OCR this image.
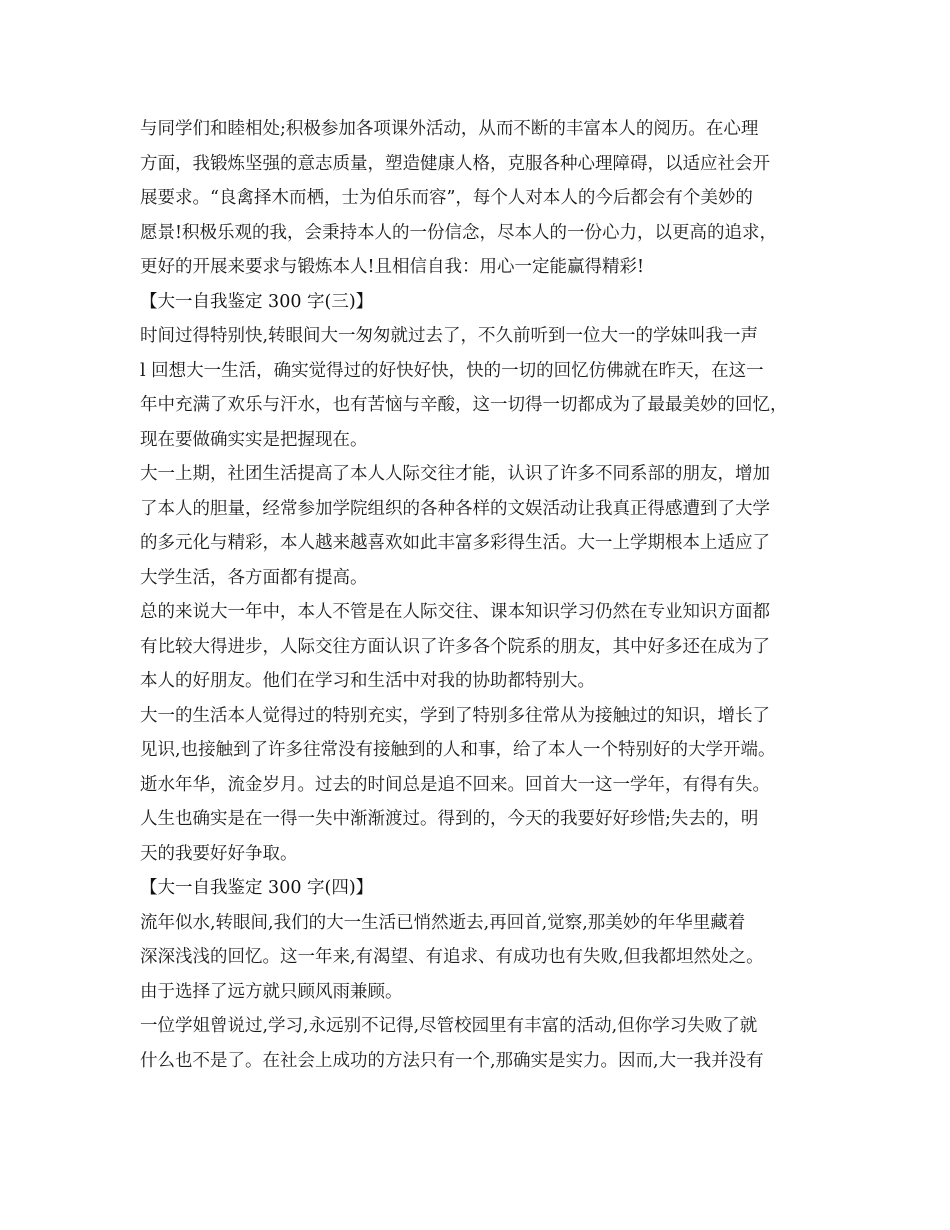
与同学们和睦相处;积极参加各项课外活动，从而不断的丰富本人的阅历。在心理
方面，我锻炼坚强的意志质量，塑造健康人格，克服各种心理障碍，以适应社会开
展要求。“良禽择木而栖，士为伯乐而容”，每个人对本人的今后都会有个美妙的
愿景!积极乐观的我，会秉持本人的一份信念，尽本人的一份心力，以更高的追求，
更好的开展来要求与锻炼本人!且相信自我：用心一定能赢得精彩!
【大一自我鉴定 300 字(三)】
时间过得特别快,转眼间大一匆匆就过去了，不久前听到一位大一的学妹叫我一声
l 回想大一生活，确实觉得过的好快好快，快的一切的回忆仿佛就在昨天，在这一
年中充满了欢乐与汗水，也有苦恼与辛酸，这一切得一切都成为了最最美妙的回忆，
现在要做确实实是把握现在。
大一上期，社团生活提高了本人人际交往才能，认识了许多不同系部的朋友，增加
了本人的胆量，经常参加学院组织的各种各样的文娱活动让我真正得感遭到了大学
的多元化与精彩，本人越来越喜欢如此丰富多彩得生活。大一上学期根本上适应了
大学生活，各方面都有提高。
总的来说大一年中，本人不管是在人际交往、课本知识学习仍然在专业知识方面都
有比较大得进步，人际交往方面认识了许多各个院系的朋友，其中好多还在成为了
本人的好朋友。他们在学习和生活中对我的协助都特别大。
大一的生活本人觉得过的特别充实，学到了特别多往常从为接触过的知识，增长了
见识,也接触到了许多往常没有接触到的人和事，给了本人一个特别好的大学开端。
逝水年华，流金岁月。过去的时间总是追不回来。回首大一这一学年，有得有失。
人生也确实是在一得一失中渐渐渡过。得到的，今天的我要好好珍惜;失去的，明
天的我要好好争取。
【大一自我鉴定 300 字(四)】
流年似水,转眼间,我们的大一生活已悄然逝去,再回首,觉察,那美妙的年华里藏着
深深浅浅的回忆。这一年来,有渴望、有追求、有成功也有失败,但我都坦然处之。
由于选择了远方就只顾风雨兼顾。
一位学姐曾说过,学习,永远别不记得,尽管校园里有丰富的活动,但你学习失败了就
什么也不是了。在社会上成功的方法只有一个,那确实是实力。因而,大一我并没有
